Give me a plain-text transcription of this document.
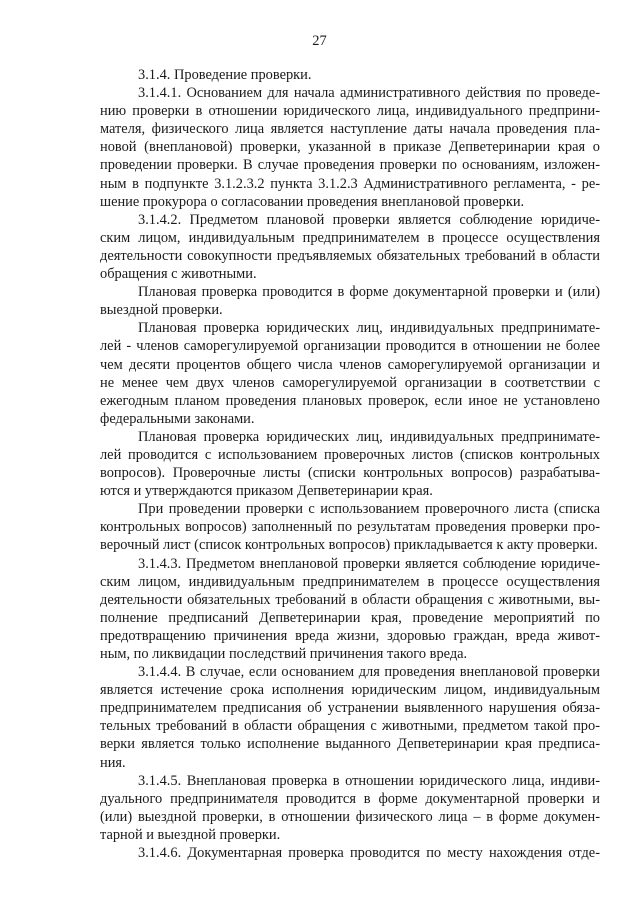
27
3.1.4. Проведение проверки.
3.1.4.1. Основанием для начала административного действия по проведе-
нию проверки в отношении юридического лица, индивидуального предприни-
мателя, физического лица является наступление даты начала проведения пла-
новой (внеплановой) проверки, указанной в приказе Депветеринарии края о
проведении проверки. В случае проведения проверки по основаниям, изложен-
ным в подпункте 3.1.2.3.2 пункта 3.1.2.3 Административного регламента, - ре-
шение прокурора о согласовании проведения внеплановой проверки.
3.1.4.2. Предметом плановой проверки является соблюдение юридиче-
ским лицом, индивидуальным предпринимателем в процессе осуществления
деятельности совокупности предъявляемых обязательных требований в области
обращения с животными.
Плановая проверка проводится в форме документарной проверки и (или)
выездной проверки.
Плановая проверка юридических лиц, индивидуальных предпринимате-
лей - членов саморегулируемой организации проводится в отношении не более
чем десяти процентов общего числа членов саморегулируемой организации и
не менее чем двух членов саморегулируемой организации в соответствии с
ежегодным планом проведения плановых проверок, если иное не установлено
федеральными законами.
Плановая проверка юридических лиц, индивидуальных предпринимате-
лей проводится с использованием проверочных листов (списков контрольных
вопросов). Проверочные листы (списки контрольных вопросов) разрабатыва-
ются и утверждаются приказом Депветеринарии края.
При проведении проверки с использованием проверочного листа (списка
контрольных вопросов) заполненный по результатам проведения проверки про-
верочный лист (список контрольных вопросов) прикладывается к акту проверки.
3.1.4.3. Предметом внеплановой проверки является соблюдение юридиче-
ским лицом, индивидуальным предпринимателем в процессе осуществления
деятельности обязательных требований в области обращения с животными, вы-
полнение предписаний Депветеринарии края, проведение мероприятий по
предотвращению причинения вреда жизни, здоровью граждан, вреда живот-
ным, по ликвидации последствий причинения такого вреда.
3.1.4.4. В случае, если основанием для проведения внеплановой проверки
является истечение срока исполнения юридическим лицом, индивидуальным
предпринимателем предписания об устранении выявленного нарушения обяза-
тельных требований в области обращения с животными, предметом такой про-
верки является только исполнение выданного Депветеринарии края предписа-
ния.
3.1.4.5. Внеплановая проверка в отношении юридического лица, индиви-
дуального предпринимателя проводится в форме документарной проверки и
(или) выездной проверки, в отношении физического лица – в форме докумен-
тарной и выездной проверки.
3.1.4.6. Документарная проверка проводится по месту нахождения отде-
